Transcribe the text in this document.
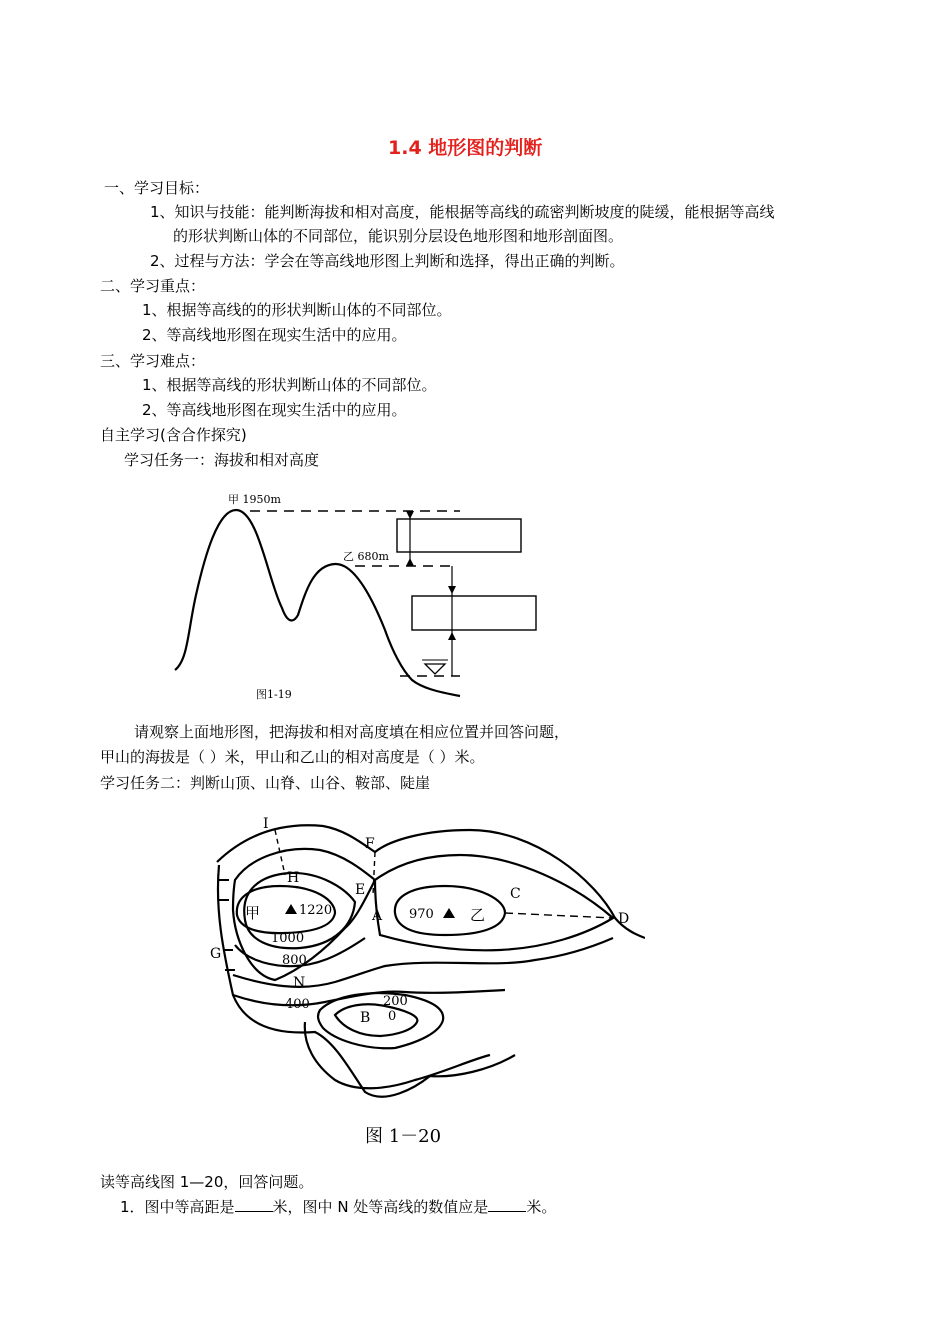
1.4 地形图的判断
一、学习目标：
1、知识与技能：能判断海拔和相对高度，能根据等高线的疏密判断坡度的陡缓，能根据等高线
的形状判断山体的不同部位，能识别分层设色地形图和地形剖面图。
2、过程与方法：学会在等高线地形图上判断和选择，得出正确的判断。
二、学习重点：
1、根据等高线的的形状判断山体的不同部位。
2、等高线地形图在现实生活中的应用。
三、学习难点：
1、根据等高线的形状判断山体的不同部位。
2、等高线地形图在现实生活中的应用。
自主学习(含合作探究)
学习任务一：海拔和相对高度
甲 1950m
乙 680m
图1-19
请观察上面地形图，把海拔和相对高度填在相应位置并回答问题，
甲山的海拔是（ ）米，甲山和乙山的相对高度是（ ）米。
学习任务二：判断山顶、山脊、山谷、鞍部、陡崖
I
F
H
E
A
C
D
G
N
B
甲	1220	970 乙
1000
800
400	200
0
图 1－20
读等高线图 1—20，回答问题。
1．图中等高距是	米，图中 N 处等高线的数值应是	米。
